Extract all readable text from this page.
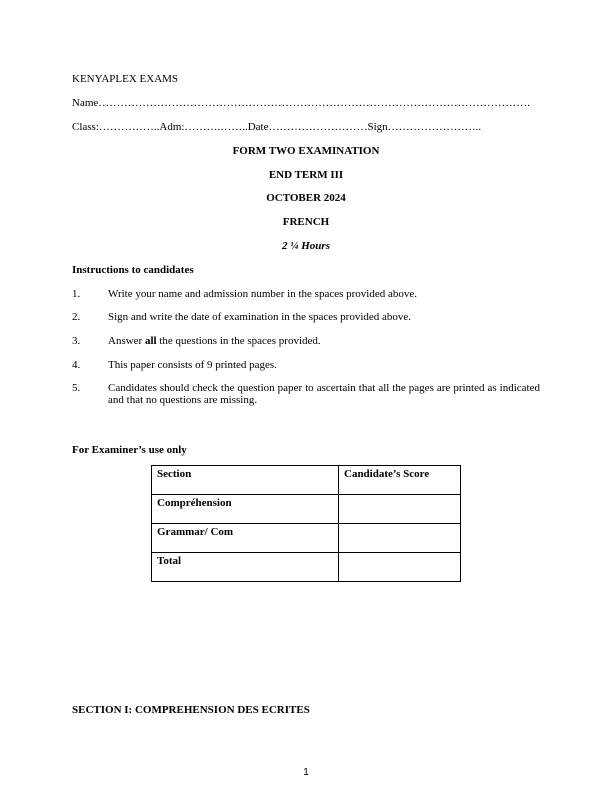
KENYAPLEX EXAMS
Name……………………………………………………………………………………………………….
Class:……………..Adm:……….……..Date………………………Sign……………………..
FORM TWO EXAMINATION
END TERM III
OCTOBER 2024
FRENCH
2 ¼ Hours
Instructions to candidates
1.	Write your name and admission number in the spaces provided above.
2.	Sign and write the date of examination in the spaces provided above.
3.	Answer all the questions in the spaces provided.
4.	This paper consists of 9 printed pages.
5.	Candidates should check the question paper to ascertain that all the pages are printed as indicated and that no questions are missing.
For Examiner’s use only
Section	Candidate’s Score
Compréhension	
Grammar/ Com	
Total	
SECTION I: COMPREHENSION DES ECRITES
1
